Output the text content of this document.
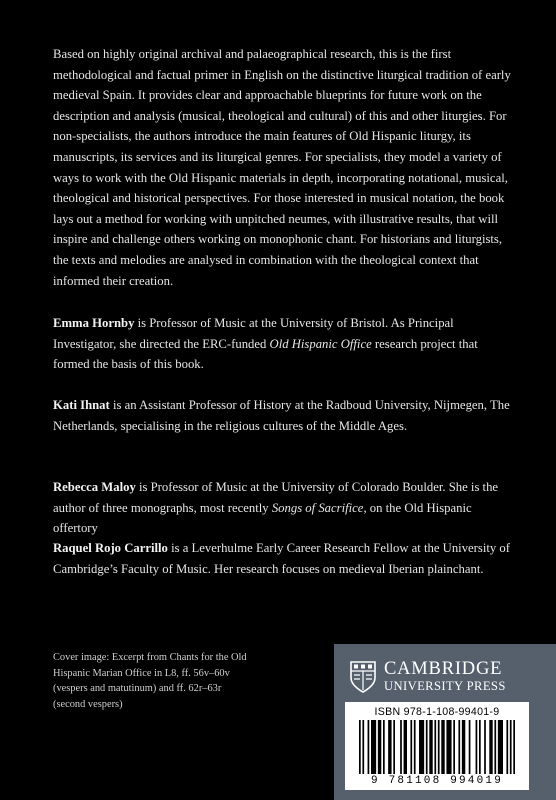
Based on highly original archival and palaeographical research, this is the first methodological and factual primer in English on the distinctive liturgical tradition of early medieval Spain. It provides clear and approachable blueprints for future work on the description and analysis (musical, theological and cultural) of this and other liturgies. For non-specialists, the authors introduce the main features of Old Hispanic liturgy, its manuscripts, its services and its liturgical genres. For specialists, they model a variety of ways to work with the Old Hispanic materials in depth, incorporating notational, musical, theological and historical perspectives. For those interested in musical notation, the book lays out a method for working with unpitched neumes, with illustrative results, that will inspire and challenge others working on monophonic chant. For historians and liturgists, the texts and melodies are analysed in combination with the theological context that informed their creation.

Emma Hornby is Professor of Music at the University of Bristol. As Principal Investigator, she directed the ERC-funded Old Hispanic Office research project that formed the basis of this book.

Kati Ihnat is an Assistant Professor of History at the Radboud University, Nijmegen, The Netherlands, specialising in the religious cultures of the Middle Ages.

Rebecca Maloy is Professor of Music at the University of Colorado Boulder. She is the author of three monographs, most recently Songs of Sacrifice, on the Old Hispanic offertory

Raquel Rojo Carrillo is a Leverhulme Early Career Research Fellow at the University of Cambridge’s Faculty of Music. Her research focuses on medieval Iberian plainchant.

Cover image: Excerpt from Chants for the Old Hispanic Marian Office in L8, ff. 56v–60v (vespers and matutinum) and ff. 62r–63r (second vespers)

CAMBRIDGE
UNIVERSITY PRESS
ISBN 978-1-108-99401-9
9 781108 994019
